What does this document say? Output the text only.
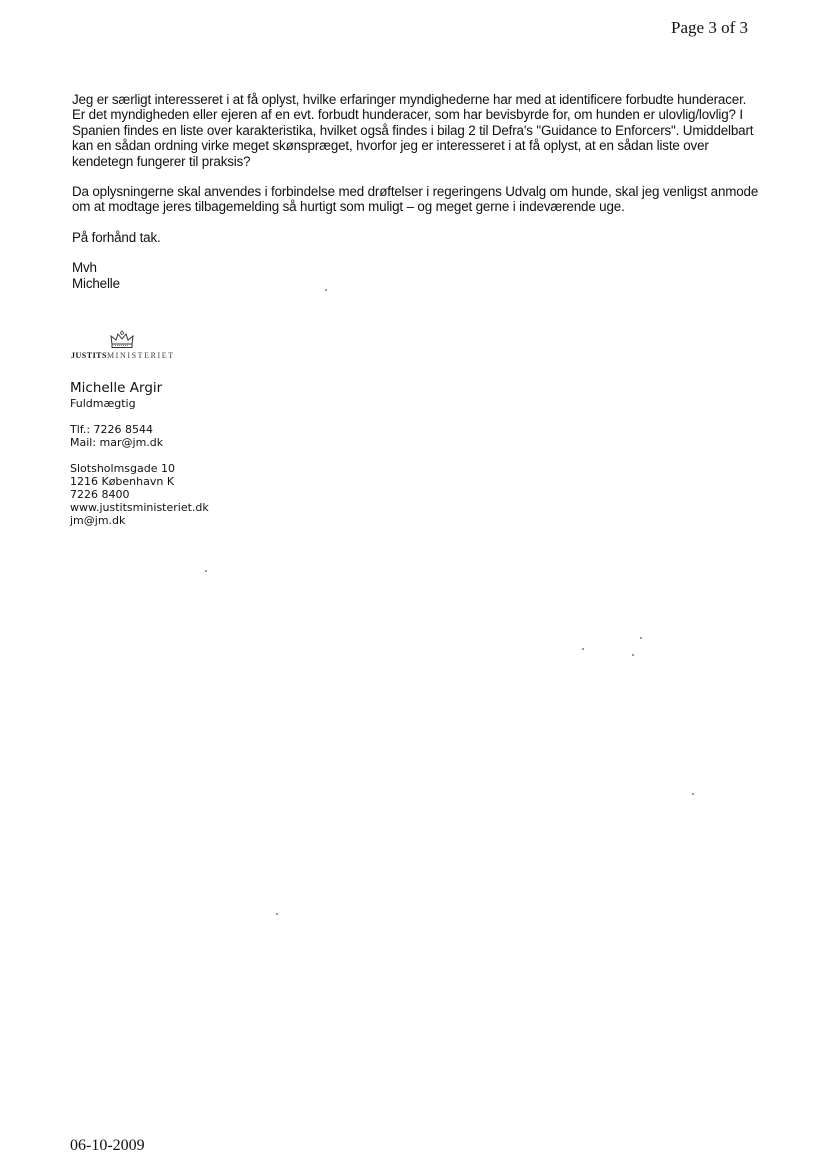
Page 3 of 3

Jeg er særligt interesseret i at få oplyst, hvilke erfaringer myndighederne har med at identificere forbudte hunderacer. Er det myndigheden eller ejeren af en evt. forbudt hunderacer, som har bevisbyrde for, om hunden er ulovlig/lovlig? I Spanien findes en liste over karakteristika, hvilket også findes i bilag 2 til Defra's "Guidance to Enforcers". Umiddelbart kan en sådan ordning virke meget skønspræget, hvorfor jeg er interesseret i at få oplyst, at en sådan liste over kendetegn fungerer til praksis?

Da oplysningerne skal anvendes i forbindelse med drøftelser i regeringens Udvalg om hunde, skal jeg venligst anmode om at modtage jeres tilbagemelding så hurtigt som muligt – og meget gerne i indeværende uge.

På forhånd tak.

Mvh
Michelle

JUSTITSMINISTERIET
Michelle Argir
Fuldmægtig
Tlf.: 7226 8544
Mail: mar@jm.dk
Slotsholmsgade 10
1216 København K
7226 8400
www.justitsministeriet.dk
jm@jm.dk
06-10-2009
